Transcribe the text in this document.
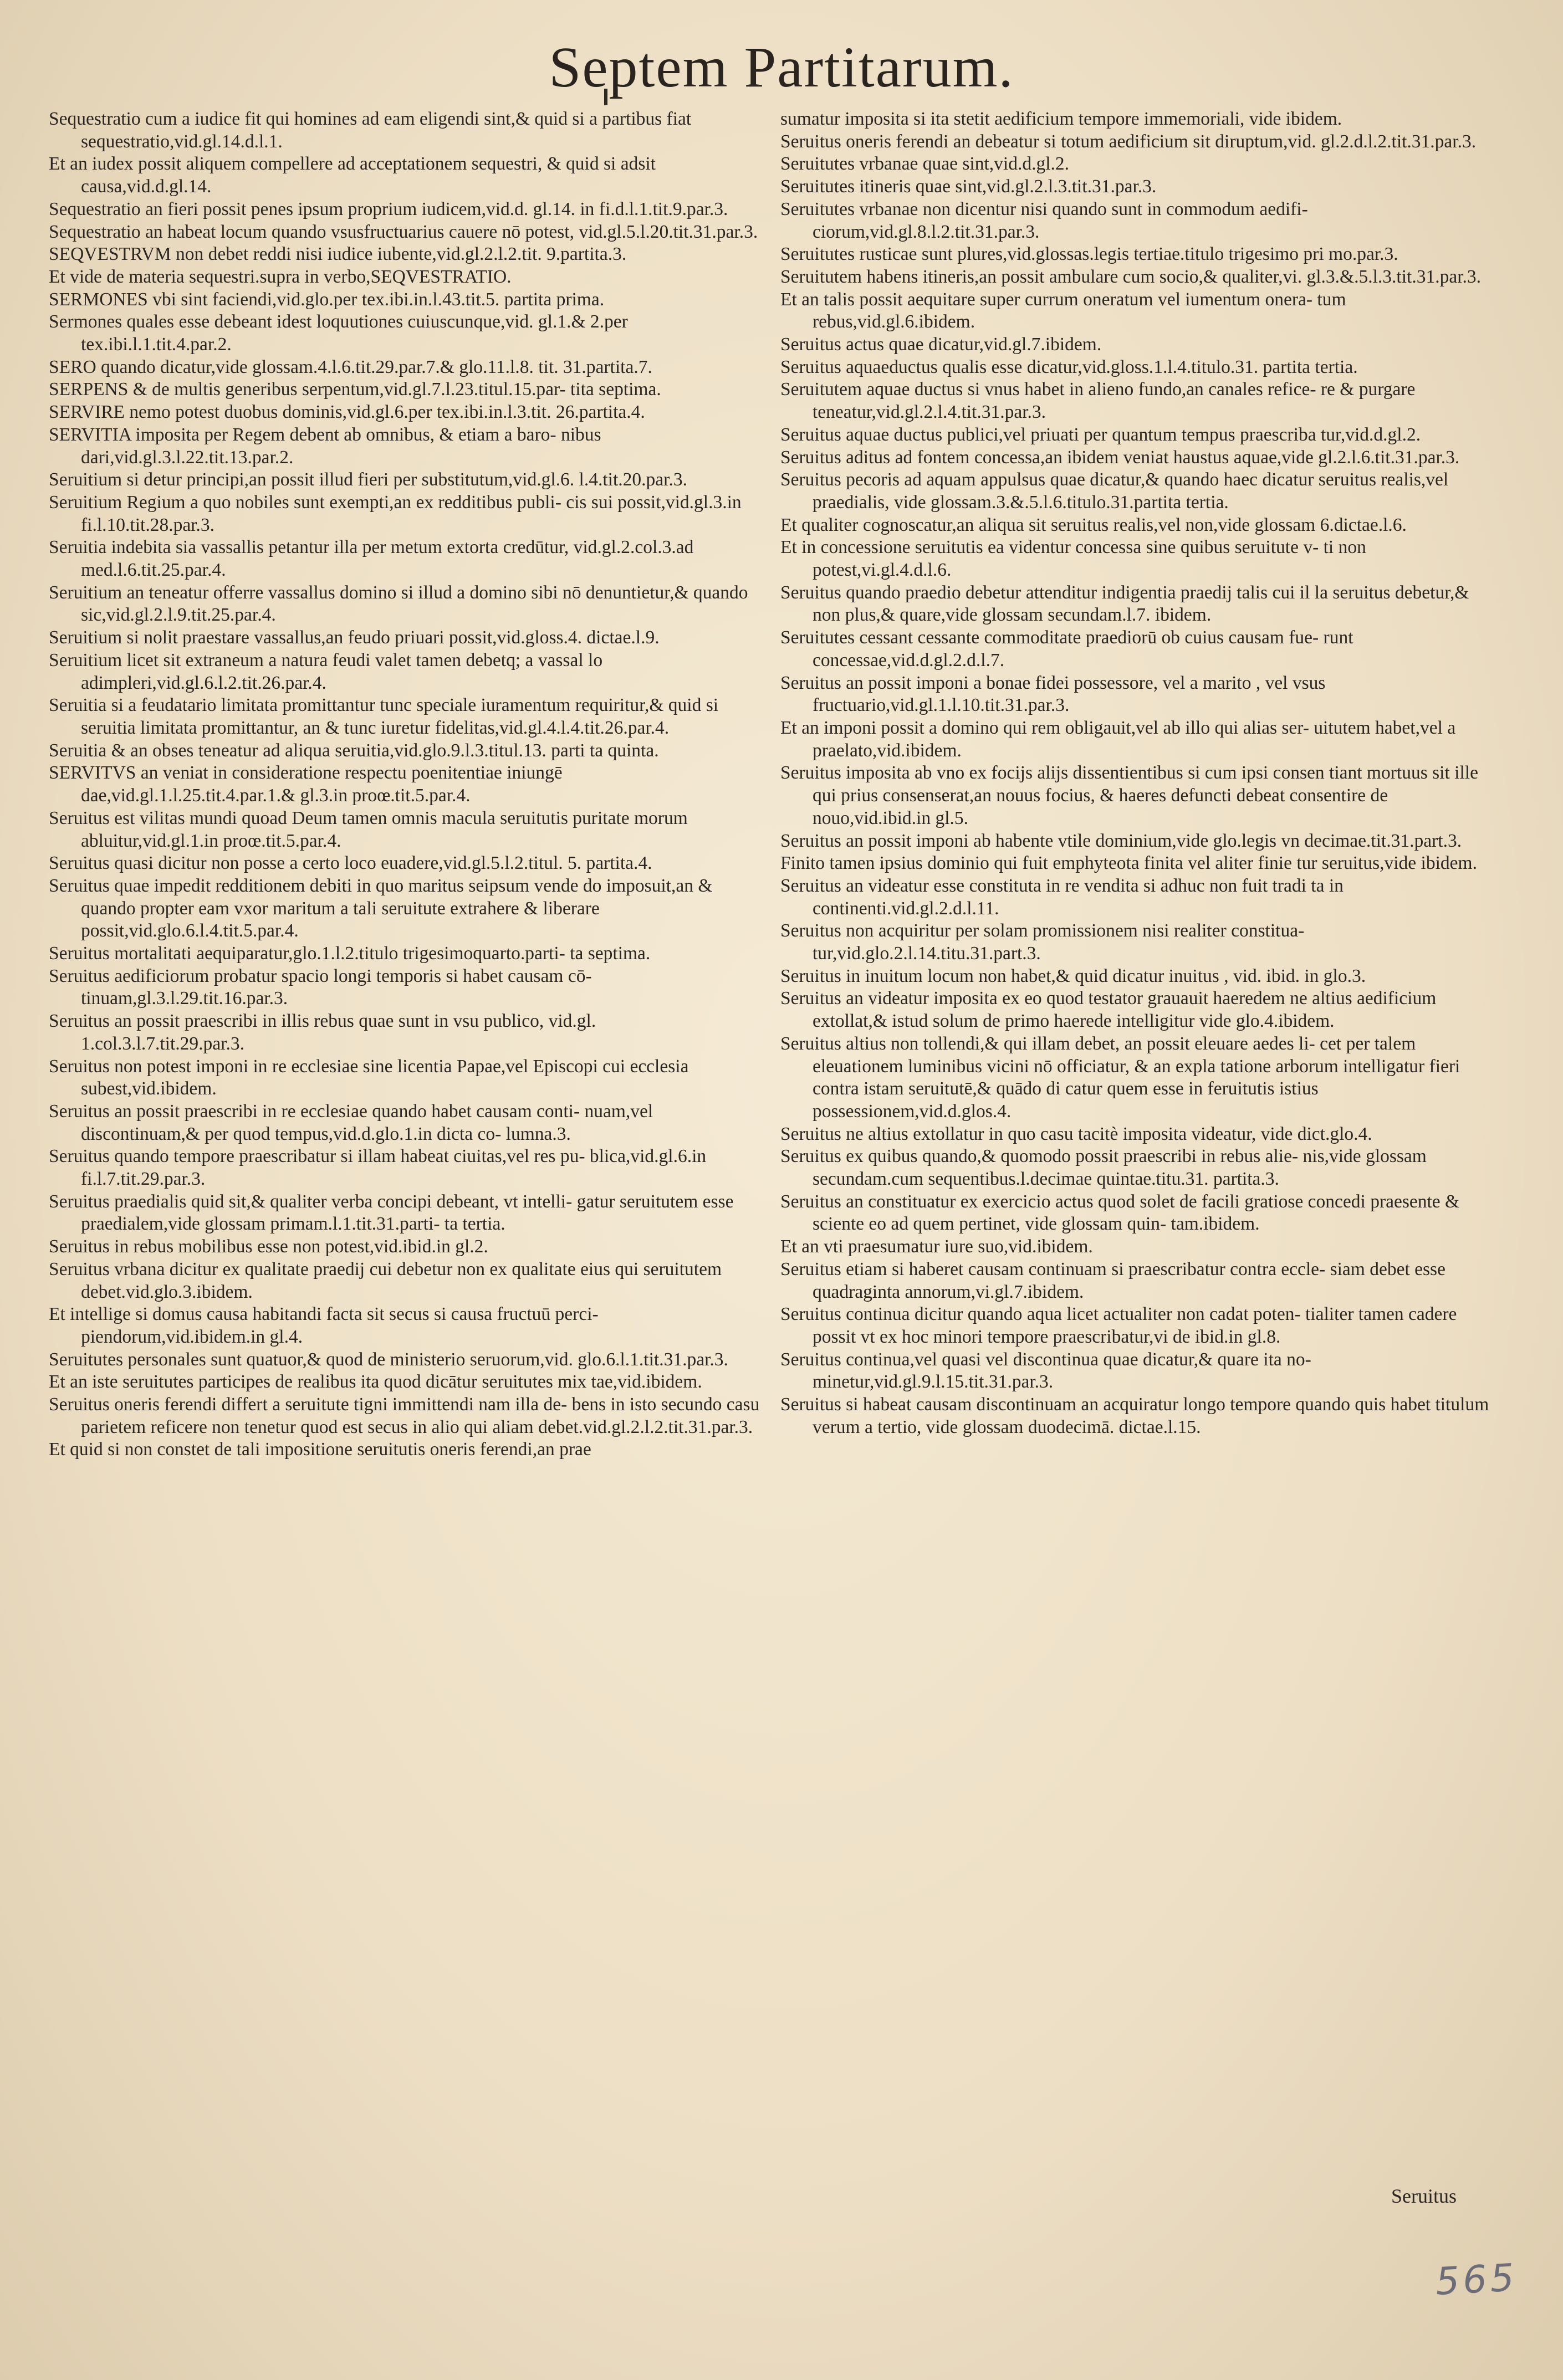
Septem Partitarum.

Sequestratio cum a iudice fit qui homines ad eam eligendi sint,& quid si a partibus fiat sequestratio,vid.gl.14.d.l.1.

Et an iudex possit aliquem compellere ad acceptationem sequestri, & quid si adsit causa,vid.d.gl.14.

Sequestratio an fieri possit penes ipsum proprium iudicem,vid.d. gl.14. in fi.d.l.1.tit.9.par.3.

Sequestratio an habeat locum quando vsusfructuarius cauere nō potest, vid.gl.5.l.20.tit.31.par.3.

SEQVESTRVM non debet reddi nisi iudice iubente,vid.gl.2.l.2.tit. 9.partita.3.

Et vide de materia sequestri.supra in verbo,SEQVESTRATIO.

SERMONES vbi sint faciendi,vid.glo.per tex.ibi.in.l.43.tit.5. partita prima.

Sermones quales esse debeant idest loquutiones cuiuscunque,vid. gl.1.& 2.per tex.ibi.l.1.tit.4.par.2.

SERO quando dicatur,vide glossam.4.l.6.tit.29.par.7.& glo.11.l.8. tit. 31.partita.7.

SERPENS & de multis generibus serpentum,vid.gl.7.l.23.titul.15.par- tita septima.

SERVIRE nemo potest duobus dominis,vid.gl.6.per tex.ibi.in.l.3.tit. 26.partita.4.

SERVITIA imposita per Regem debent ab omnibus, & etiam a baro- nibus dari,vid.gl.3.l.22.tit.13.par.2.

Seruitium si detur principi,an possit illud fieri per substitutum,vid.gl.6. l.4.tit.20.par.3.

Seruitium Regium a quo nobiles sunt exempti,an ex redditibus publi- cis sui possit,vid.gl.3.in fi.l.10.tit.28.par.3.

Seruitia indebita sia vassallis petantur illa per metum extorta credūtur, vid.gl.2.col.3.ad med.l.6.tit.25.par.4.

Seruitium an teneatur offerre vassallus domino si illud a domino sibi nō denuntietur,& quando sic,vid.gl.2.l.9.tit.25.par.4.

Seruitium si nolit praestare vassallus,an feudo priuari possit,vid.gloss.4. dictae.l.9.

Seruitium licet sit extraneum a natura feudi valet tamen debetq; a vassal lo adimpleri,vid.gl.6.l.2.tit.26.par.4.

Seruitia si a feudatario limitata promittantur tunc speciale iuramentum requiritur,& quid si seruitia limitata promittantur, an & tunc iuretur fidelitas,vid.gl.4.l.4.tit.26.par.4.

Seruitia & an obses teneatur ad aliqua seruitia,vid.glo.9.l.3.titul.13. parti ta quinta.

SERVITVS an veniat in consideratione respectu poenitentiae iniungē dae,vid.gl.1.l.25.tit.4.par.1.& gl.3.in proœ.tit.5.par.4.

Seruitus est vilitas mundi quoad Deum tamen omnis macula seruitutis puritate morum abluitur,vid.gl.1.in proœ.tit.5.par.4.

Seruitus quasi dicitur non posse a certo loco euadere,vid.gl.5.l.2.titul. 5. partita.4.

Seruitus quae impedit redditionem debiti in quo maritus seipsum vende do imposuit,an & quando propter eam vxor maritum a tali seruitute extrahere & liberare possit,vid.glo.6.l.4.tit.5.par.4.

Seruitus mortalitati aequiparatur,glo.1.l.2.titulo trigesimoquarto.parti- ta septima.

Seruitus aedificiorum probatur spacio longi temporis si habet causam cō- tinuam,gl.3.l.29.tit.16.par.3.

Seruitus an possit praescribi in illis rebus quae sunt in vsu publico, vid.gl. 1.col.3.l.7.tit.29.par.3.

Seruitus non potest imponi in re ecclesiae sine licentia Papae,vel Episcopi cui ecclesia subest,vid.ibidem.

Seruitus an possit praescribi in re ecclesiae quando habet causam conti- nuam,vel discontinuam,& per quod tempus,vid.d.glo.1.in dicta co- lumna.3.

Seruitus quando tempore praescribatur si illam habeat ciuitas,vel res pu- blica,vid.gl.6.in fi.l.7.tit.29.par.3.

Seruitus praedialis quid sit,& qualiter verba concipi debeant, vt intelli- gatur seruitutem esse praedialem,vide glossam primam.l.1.tit.31.parti- ta tertia.

Seruitus in rebus mobilibus esse non potest,vid.ibid.in gl.2.

Seruitus vrbana dicitur ex qualitate praedij cui debetur non ex qualitate eius qui seruitutem debet.vid.glo.3.ibidem.

Et intellige si domus causa habitandi facta sit secus si causa fructuū perci- piendorum,vid.ibidem.in gl.4.

Seruitutes personales sunt quatuor,& quod de ministerio seruorum,vid. glo.6.l.1.tit.31.par.3.

Et an iste seruitutes participes de realibus ita quod dicātur seruitutes mix tae,vid.ibidem.

Seruitus oneris ferendi differt a seruitute tigni immittendi nam illa de- bens in isto secundo casu parietem reficere non tenetur quod est secus in alio qui aliam debet.vid.gl.2.l.2.tit.31.par.3.

Et quid si non constet de tali impositione seruitutis oneris ferendi,an prae

sumatur imposita si ita stetit aedificium tempore immemoriali, vide ibidem.

Seruitus oneris ferendi an debeatur si totum aedificium sit diruptum,vid. gl.2.d.l.2.tit.31.par.3.

Seruitutes vrbanae quae sint,vid.d.gl.2.

Seruitutes itineris quae sint,vid.gl.2.l.3.tit.31.par.3.

Seruitutes vrbanae non dicentur nisi quando sunt in commodum aedifi- ciorum,vid.gl.8.l.2.tit.31.par.3.

Seruitutes rusticae sunt plures,vid.glossas.legis tertiae.titulo trigesimo pri mo.par.3.

Seruitutem habens itineris,an possit ambulare cum socio,& qualiter,vi. gl.3.&.5.l.3.tit.31.par.3.

Et an talis possit aequitare super currum oneratum vel iumentum onera- tum rebus,vid.gl.6.ibidem.

Seruitus actus quae dicatur,vid.gl.7.ibidem.

Seruitus aquaeductus qualis esse dicatur,vid.gloss.1.l.4.titulo.31. partita tertia.

Seruitutem aquae ductus si vnus habet in alieno fundo,an canales refice- re & purgare teneatur,vid.gl.2.l.4.tit.31.par.3.

Seruitus aquae ductus publici,vel priuati per quantum tempus praescriba tur,vid.d.gl.2.

Seruitus aditus ad fontem concessa,an ibidem veniat haustus aquae,vide gl.2.l.6.tit.31.par.3.

Seruitus pecoris ad aquam appulsus quae dicatur,& quando haec dicatur seruitus realis,vel praedialis, vide glossam.3.&.5.l.6.titulo.31.partita tertia.

Et qualiter cognoscatur,an aliqua sit seruitus realis,vel non,vide glossam 6.dictae.l.6.

Et in concessione seruitutis ea videntur concessa sine quibus seruitute v- ti non potest,vi.gl.4.d.l.6.

Seruitus quando praedio debetur attenditur indigentia praedij talis cui il la seruitus debetur,& non plus,& quare,vide glossam secundam.l.7. ibidem.

Seruitutes cessant cessante commoditate praediorū ob cuius causam fue- runt concessae,vid.d.gl.2.d.l.7.

Seruitus an possit imponi a bonae fidei possessore, vel a marito , vel vsus fructuario,vid.gl.1.l.10.tit.31.par.3.

Et an imponi possit a domino qui rem obligauit,vel ab illo qui alias ser- uitutem habet,vel a praelato,vid.ibidem.

Seruitus imposita ab vno ex focijs alijs dissentientibus si cum ipsi consen tiant mortuus sit ille qui prius consenserat,an nouus focius, & haeres defuncti debeat consentire de nouo,vid.ibid.in gl.5.

Seruitus an possit imponi ab habente vtile dominium,vide glo.legis vn decimae.tit.31.part.3.

Finito tamen ipsius dominio qui fuit emphyteota finita vel aliter finie tur seruitus,vide ibidem.

Seruitus an videatur esse constituta in re vendita si adhuc non fuit tradi ta in continenti.vid.gl.2.d.l.11.

Seruitus non acquiritur per solam promissionem nisi realiter constitua- tur,vid.glo.2.l.14.titu.31.part.3.

Seruitus in inuitum locum non habet,& quid dicatur inuitus , vid. ibid. in glo.3.

Seruitus an videatur imposita ex eo quod testator grauauit haeredem ne altius aedificium extollat,& istud solum de primo haerede intelligitur vide glo.4.ibidem.

Seruitus altius non tollendi,& qui illam debet, an possit eleuare aedes li- cet per talem eleuationem luminibus vicini nō officiatur, & an expla tatione arborum intelligatur fieri contra istam seruitutē,& quādo di catur quem esse in feruitutis istius possessionem,vid.d.glos.4.

Seruitus ne altius extollatur in quo casu tacitè imposita videatur, vide dict.glo.4.

Seruitus ex quibus quando,& quomodo possit praescribi in rebus alie- nis,vide glossam secundam.cum sequentibus.l.decimae quintae.titu.31. partita.3.

Seruitus an constituatur ex exercicio actus quod solet de facili gratiose concedi praesente & sciente eo ad quem pertinet, vide glossam quin- tam.ibidem.

Et an vti praesumatur iure suo,vid.ibidem.

Seruitus etiam si haberet causam continuam si praescribatur contra eccle- siam debet esse quadraginta annorum,vi.gl.7.ibidem.

Seruitus continua dicitur quando aqua licet actualiter non cadat poten- tialiter tamen cadere possit vt ex hoc minori tempore praescribatur,vi de ibid.in gl.8.

Seruitus continua,vel quasi vel discontinua quae dicatur,& quare ita no- minetur,vid.gl.9.l.15.tit.31.par.3.

Seruitus si habeat causam discontinuam an acquiratur longo tempore quando quis habet titulum verum a tertio, vide glossam duodecimā. dictae.l.15.

Seruitus
565
